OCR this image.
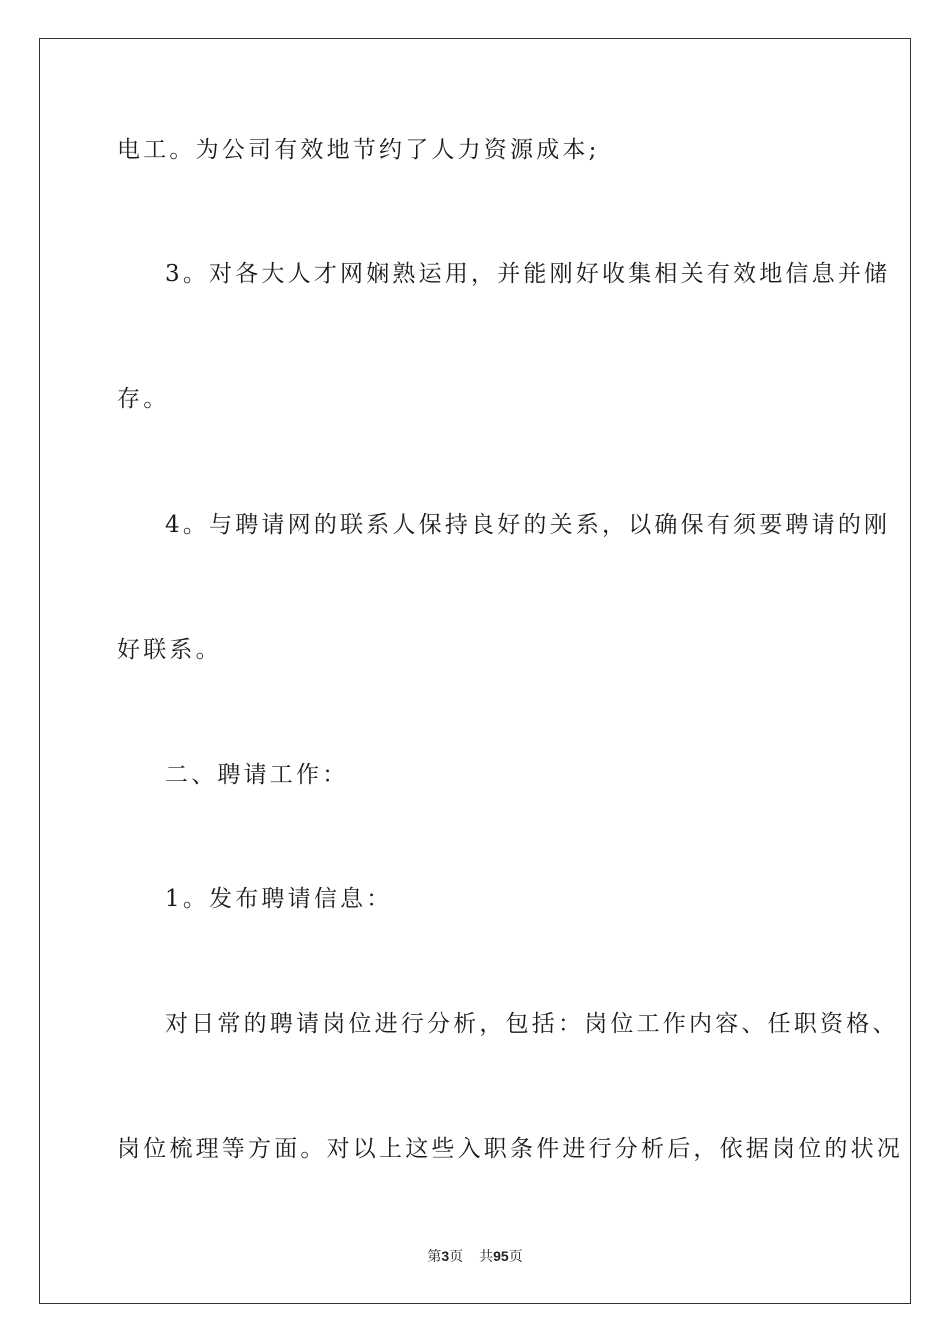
电工。为公司有效地节约了人力资源成本;
3。对各大人才网娴熟运用，并能刚好收集相关有效地信息并储
存。
4。与聘请网的联系人保持良好的关系，以确保有须要聘请的刚
好联系。
二、聘请工作：
1。发布聘请信息：
对日常的聘请岗位进行分析，包括：岗位工作内容、任职资格、
岗位梳理等方面。对以上这些入职条件进行分析后，依据岗位的状况
第3页 共95页
